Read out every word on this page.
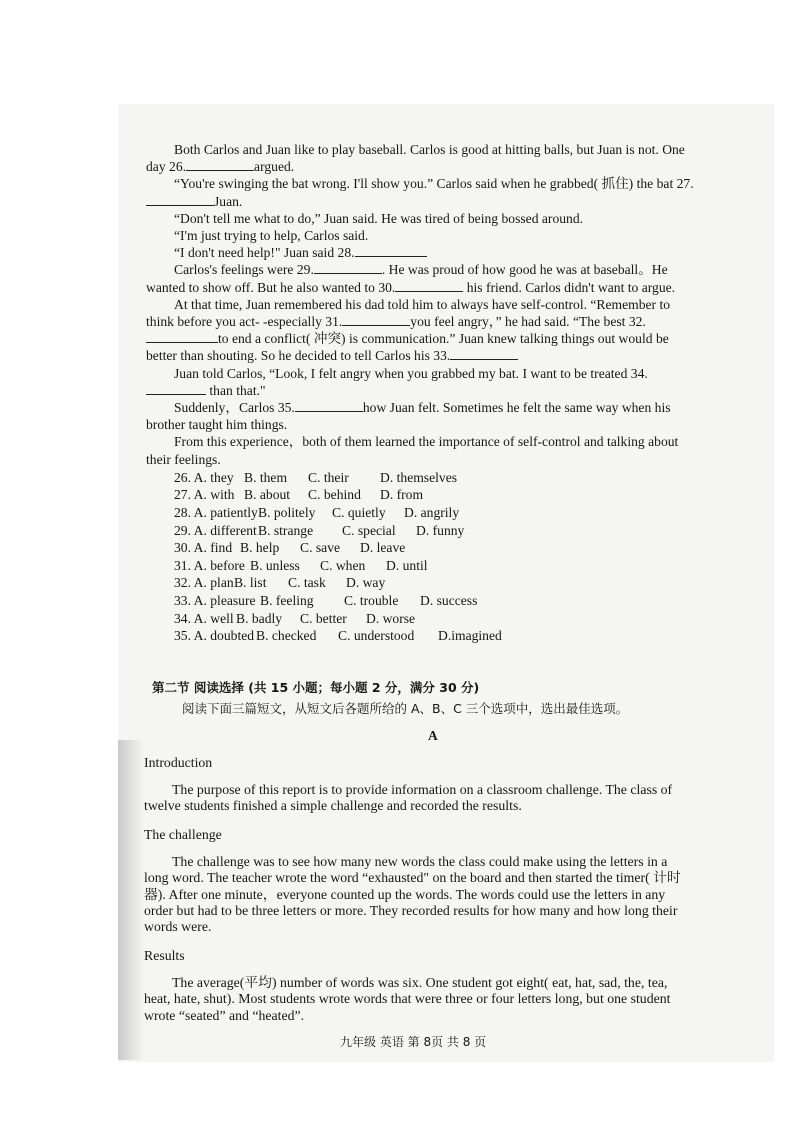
Both Carlos and Juan like to play baseball. Carlos is good at hitting balls, but Juan is not. One day 26.	argued.

“You're swinging the bat wrong. I'll show you.” Carlos said when he grabbed( 抓住) the bat 27.Juan.

“Don't tell me what to do,” Juan said. He was tired of being bossed around.

“I'm just trying to help, Carlos said.

“I don't need help!" Juan said 28.

Carlos's feelings were 29.	. He was proud of how good he was at baseball。He wanted to show off. But he also wanted to 30.	his friend. Carlos didn't want to argue.

At that time, Juan remembered his dad told him to always have self-control. “Remember to think before you act- -especially 31.	you feel angry，” he had said. “The best 32.to end a conflict( 冲突) is communication.” Juan knew talking things out would be better than shouting. So he decided to tell Carlos his 33.

Juan told Carlos, “Look, I felt angry when you grabbed my bat. I want to be treated 34. than that."

Suddenly，Carlos 35.	how Juan felt. Sometimes he felt the same way when his brother taught him things.

From this experience，both of them learned the importance of self-control and talking about their feelings.

26. A. they B. them C. their D. themselves
27. A. with B. about C. behind D. from
28. A. patientlyB. politely C. quietly D. angrily
29. A. differentB. strange C. special D. funny
30. A. find B. help C. save D. leave
31. A. before B. unless C. when D. until
32. A. planB. list C. task D. way
33. A. pleasure B. feeling C. trouble D. success
34. A. well B. badly C. better D. worse
35. A. doubted B. checked C. understood D.imagined
第二节 阅读选择 (共 15 小题；每小题 2 分，满分 30 分)
阅读下面三篇短文，从短文后各题所给的 A、B、C 三个选项中，选出最佳选项。
A

Introduction

The purpose of this report is to provide information on a classroom challenge. The class of twelve students finished a simple challenge and recorded the results.

The challenge

The challenge was to see how many new words the class could make using the letters in a long word. The teacher wrote the word “exhausted" on the board and then started the timer( 计时器). After one minute，everyone counted up the words. The words could use the letters in any order but had to be three letters or more. They recorded results for how many and how long their words were.

Results

The average(平均) number of words was six. One student got eight( eat, hat, sad, the, tea, heat, hate, shut). Most students wrote words that were three or four letters long, but one student wrote “seated” and “heated”.

九年级 英语 第 8页 共 8 页
